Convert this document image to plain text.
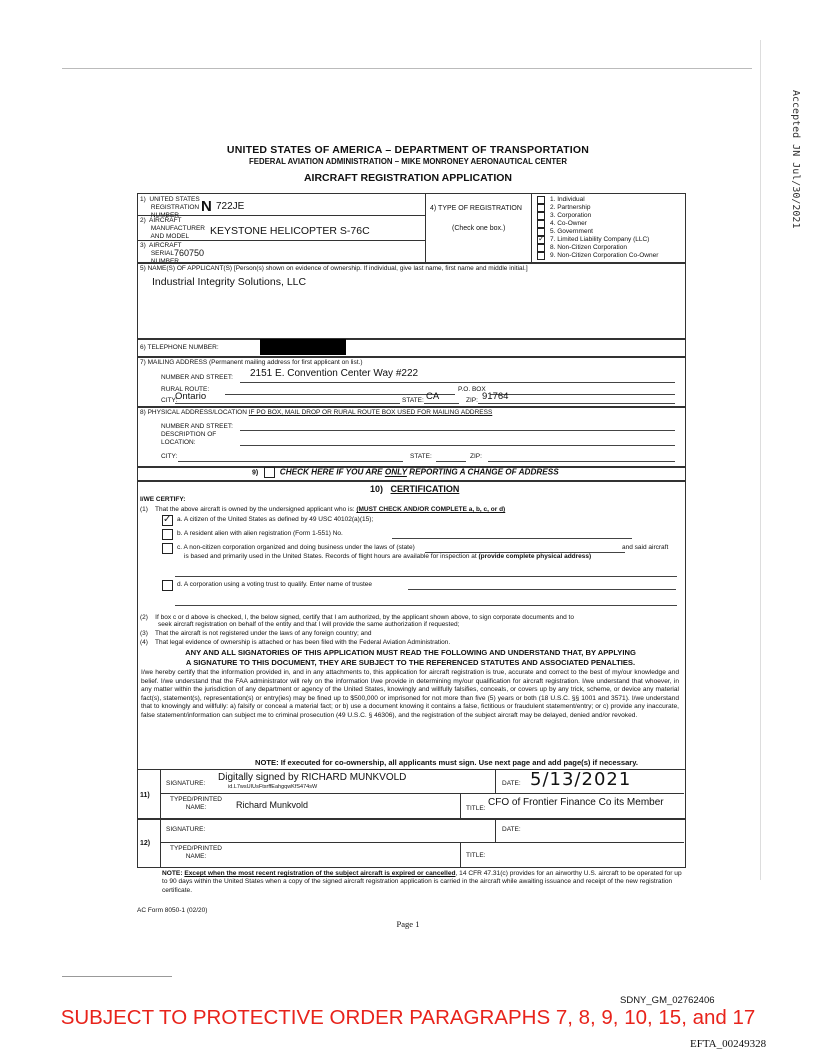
Accepted JN Jul/30/2021
UNITED STATES OF AMERICA – DEPARTMENT OF TRANSPORTATION
FEDERAL AVIATION ADMINISTRATION – MIKE MONRONEY AERONAUTICAL CENTER
AIRCRAFT REGISTRATION APPLICATION
1)  UNITED STATES
REGISTRATION
NUMBER
N 722JE
2)  AIRCRAFT
MANUFACTURER
AND MODEL	KEYSTONE HELICOPTER S-76C
3)  AIRCRAFT
SERIAL
NUMBER
760750
4) TYPE OF REGISTRATION
(Check one box.)
1. Individual
2. Partnership
3. Corporation
4. Co-Owner
5. Government
✓ 7. Limited Liability Company (LLC)
8. Non-Citizen Corporation
9. Non-Citizen Corporation Co-Owner
5) NAME(S) OF APPLICANT(S) [Person(s) shown on evidence of ownership. If individual, give last name, first name and middle initial.]
Industrial Integrity Solutions, LLC
6) TELEPHONE NUMBER:
7) MAILING ADDRESS (Permanent mailing address for first applicant on list.)
NUMBER AND STREET: 2151 E. Convention Center Way #222
RURAL ROUTE:	P.O. BOX
CITY:
Ontario	STATE: CA	ZIP: 91764
8) PHYSICAL ADDRESS/LOCATION IF PO BOX, MAIL DROP OR RURAL ROUTE BOX USED FOR MAILING ADDRESS
NUMBER AND STREET:
DESCRIPTION OF
LOCATION:
CITY:	STATE:	ZIP:
9)	CHECK HERE IF YOU ARE ONLY REPORTING A CHANGE OF ADDRESS
10) CERTIFICATION
I/WE CERTIFY:
(1)    That the above aircraft is owned by the undersigned applicant who is: (MUST CHECK AND/OR COMPLETE a, b, c, or d)
✓ a. A citizen of the United States as defined by 49 USC 40102(a)(15);
b. A resident alien with alien registration (Form 1-551) No.
c. A non-citizen corporation organized and doing business under the laws of (state)	and said aircraft
is based and primarily used in the United States. Records of flight hours are available for inspection at (provide complete physical address)
d. A corporation using a voting trust to qualify. Enter name of trustee
(2)    If box c or d above is checked, I, the below signed, certify that I am authorized, by the applicant shown above, to sign corporate documents and to
seek aircraft registration on behalf of the entity and that I will provide the same authorization if requested;
(3)    That the aircraft is not registered under the laws of any foreign country; and
(4)    That legal evidence of ownership is attached or has been filed with the Federal Aviation Administration.
ANY AND ALL SIGNATORIES OF THIS APPLICATION MUST READ THE FOLLOWING AND UNDERSTAND THAT, BY APPLYING
A SIGNATURE TO THIS DOCUMENT, THEY ARE SUBJECT TO THE REFERENCED STATUTES AND ASSOCIATED PENALTIES.
I/we hereby certify that the information provided in, and in any attachments to, this application for aircraft registration is true, accurate and correct to the best of my/our knowledge and belief. I/we understand that the FAA administrator will rely on the information I/we provide in determining my/our qualification for aircraft registration. I/we understand that whoever, in any matter within the jurisdiction of any department or agency of the United States, knowingly and willfully falsifies, conceals, or covers up by any trick, scheme, or device any material fact(s), statement(s), representation(s) or entry(ies) may be fined up to $500,000 or imprisoned for not more than five (5) years or both (18 U.S.C. §§ 1001 and 3571). I/we understand that to knowingly and willfully: a) falsify or conceal a material fact; or b) use a document knowing it contains a false, fictitious or fraudulent statement/entry; or c) provide any inaccurate, false statement/information can subject me to criminal prosecution (49 U.S.C. § 46306), and the registration of the subject aircraft may be delayed, denied and/or revoked.
NOTE: If executed for co-ownership, all applicants must sign. Use next page and add page(s) if necessary.
11)
SIGNATURE:
Digitally signed by RICHARD MUNKVOLD
id.L7wsUIUsFtsrffEahgqwKfS474sW	DATE: 5/13/2021
TYPED/PRINTED
NAME:	Richard Munkvold	TITLE:
CFO of Frontier Finance Co its Member
12)
SIGNATURE:	DATE:
TYPED/PRINTED
NAME:	TITLE:
NOTE: Except when the most recent registration of the subject aircraft is expired or cancelled, 14 CFR 47.31(c) provides for an airworthy U.S. aircraft to be operated for up to 90 days within the United States when a copy of the signed aircraft registration application is carried in the aircraft while awaiting issuance and receipt of the new registration certificate.
AC Form 8050-1 (02/20)
Page 1
SDNY_GM_02762406
SUBJECT TO PROTECTIVE ORDER PARAGRAPHS 7, 8, 9, 10, 15, and 17
EFTA_00249328
